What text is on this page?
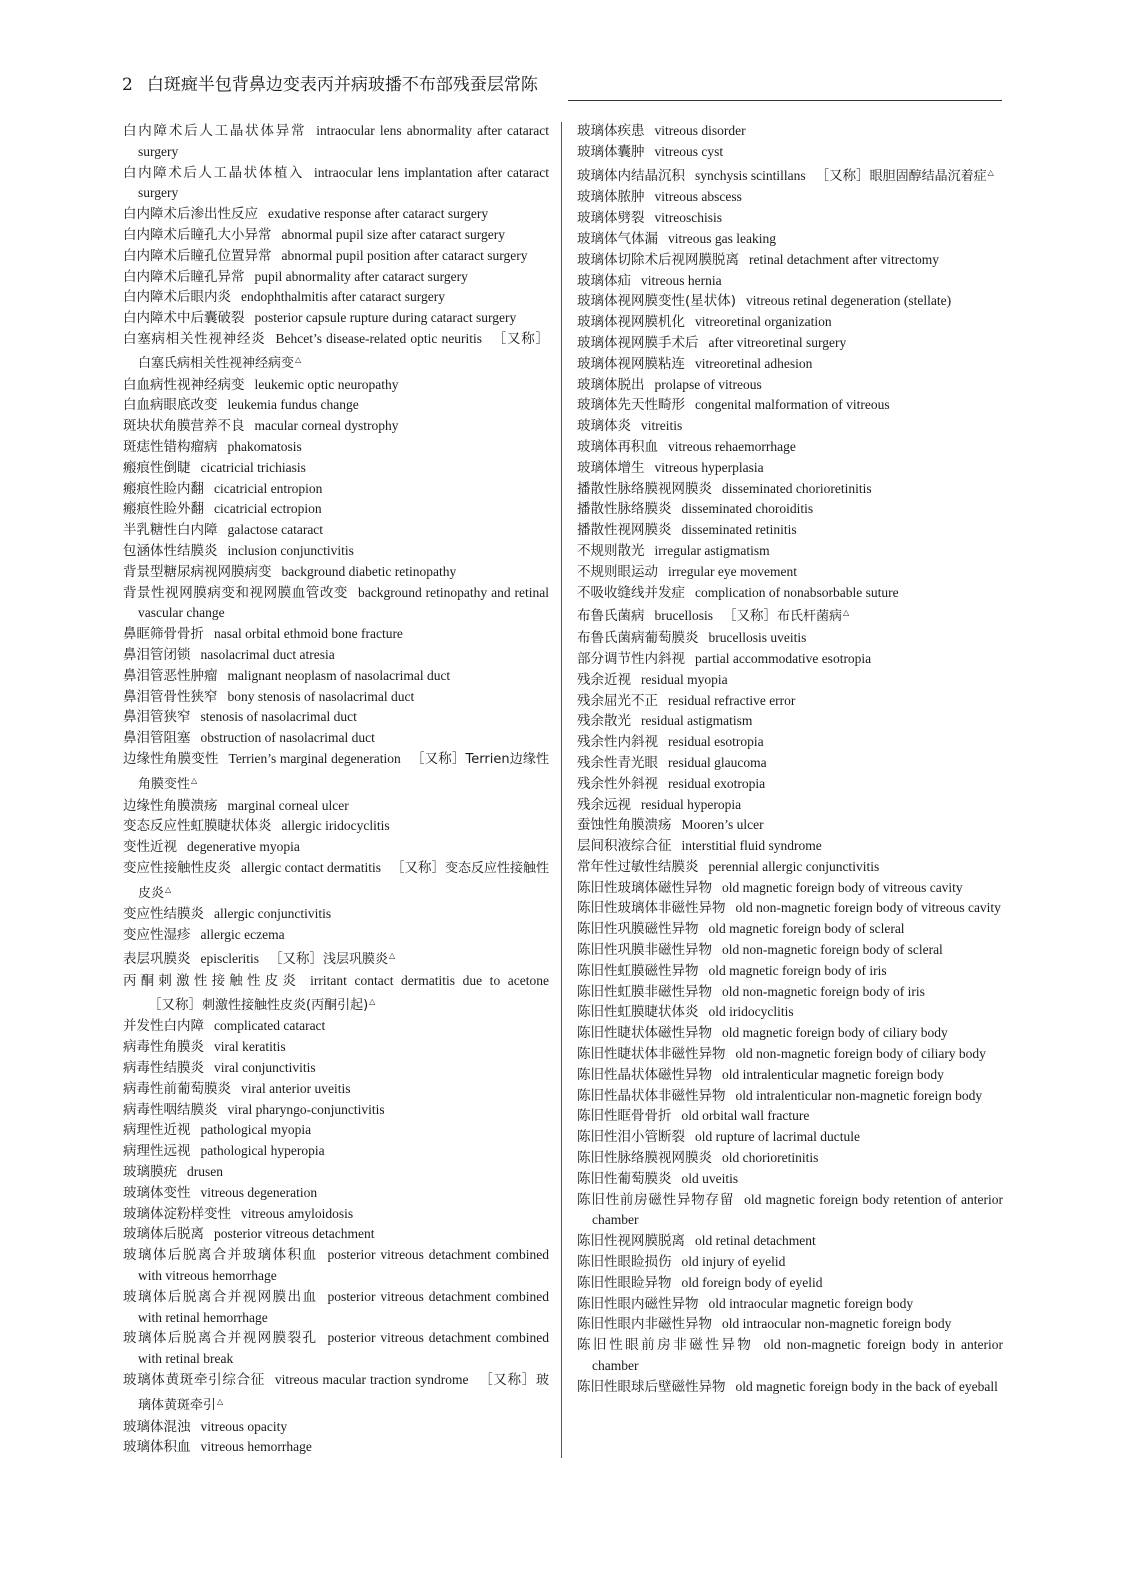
2 白斑癍半包背鼻边变表丙并病玻播不布部残蚕层常陈
白内障术后人工晶状体异常 intraocular lens abnormality after cataract surgery
白内障术后人工晶状体植入 intraocular lens implantation after cataract surgery
白内障术后渗出性反应 exudative response after cataract surgery
白内障术后瞳孔大小异常 abnormal pupil size after cataract surgery
白内障术后瞳孔位置异常 abnormal pupil position after cataract surgery
白内障术后瞳孔异常 pupil abnormality after cataract surgery
白内障术后眼内炎 endophthalmitis after cataract surgery
白内障术中后囊破裂 posterior capsule rupture during cataract surgery
白塞病相关性视神经炎 Behcet’s disease-related optic neuritis ［又称］白塞氏病相关性视神经病变△
白血病性视神经病变 leukemic optic neuropathy
白血病眼底改变 leukemia fundus change
斑块状角膜营养不良 macular corneal dystrophy
斑痣性错构瘤病 phakomatosis
瘢痕性倒睫 cicatricial trichiasis
瘢痕性睑内翻 cicatricial entropion
瘢痕性睑外翻 cicatricial ectropion
半乳糖性白内障 galactose cataract
包涵体性结膜炎 inclusion conjunctivitis
背景型糖尿病视网膜病变 background diabetic retinopathy
背景性视网膜病变和视网膜血管改变 background retinopathy and retinal vascular change
鼻眶筛骨骨折 nasal orbital ethmoid bone fracture
鼻泪管闭锁 nasolacrimal duct atresia
鼻泪管恶性肿瘤 malignant neoplasm of nasolacrimal duct
鼻泪管骨性狭窄 bony stenosis of nasolacrimal duct
鼻泪管狭窄 stenosis of nasolacrimal duct
鼻泪管阻塞 obstruction of nasolacrimal duct
边缘性角膜变性 Terrien’s marginal degeneration ［又称］Terrien边缘性角膜变性△
边缘性角膜溃疡 marginal corneal ulcer
变态反应性虹膜睫状体炎 allergic iridocyclitis
变性近视 degenerative myopia
变应性接触性皮炎 allergic contact dermatitis ［又称］变态反应性接触性皮炎△
变应性结膜炎 allergic conjunctivitis
变应性湿疹 allergic eczema
表层巩膜炎 episcleritis ［又称］浅层巩膜炎△
丙酮刺激性接触性皮炎 irritant contact dermatitis due to acetone［又称］刺激性接触性皮炎(丙酮引起)△
并发性白内障 complicated cataract
病毒性角膜炎 viral keratitis
病毒性结膜炎 viral conjunctivitis
病毒性前葡萄膜炎 viral anterior uveitis
病毒性咽结膜炎 viral pharyngo-conjunctivitis
病理性近视 pathological myopia
病理性远视 pathological hyperopia
玻璃膜疣 drusen
玻璃体变性 vitreous degeneration
玻璃体淀粉样变性 vitreous amyloidosis
玻璃体后脱离 posterior vitreous detachment
玻璃体后脱离合并玻璃体积血 posterior vitreous detachment combined with vitreous hemorrhage
玻璃体后脱离合并视网膜出血 posterior vitreous detachment combined with retinal hemorrhage
玻璃体后脱离合并视网膜裂孔 posterior vitreous detachment combined with retinal break
玻璃体黄斑牵引综合征 vitreous macular traction syndrome ［又称］玻璃体黄斑牵引△
玻璃体混浊 vitreous opacity
玻璃体积血 vitreous hemorrhage
玻璃体疾患 vitreous disorder
玻璃体囊肿 vitreous cyst
玻璃体内结晶沉积 synchysis scintillans ［又称］眼胆固醇结晶沉着症△
玻璃体脓肿 vitreous abscess
玻璃体劈裂 vitreoschisis
玻璃体气体漏 vitreous gas leaking
玻璃体切除术后视网膜脱离 retinal detachment after vitrectomy
玻璃体疝 vitreous hernia
玻璃体视网膜变性(星状体) vitreous retinal degeneration (stellate)
玻璃体视网膜机化 vitreoretinal organization
玻璃体视网膜手术后 after vitreoretinal surgery
玻璃体视网膜粘连 vitreoretinal adhesion
玻璃体脱出 prolapse of vitreous
玻璃体先天性畸形 congenital malformation of vitreous
玻璃体炎 vitreitis
玻璃体再积血 vitreous rehaemorrhage
玻璃体增生 vitreous hyperplasia
播散性脉络膜视网膜炎 disseminated chorioretinitis
播散性脉络膜炎 disseminated choroiditis
播散性视网膜炎 disseminated retinitis
不规则散光 irregular astigmatism
不规则眼运动 irregular eye movement
不吸收缝线并发症 complication of nonabsorbable suture
布鲁氏菌病 brucellosis ［又称］布氏杆菌病△
布鲁氏菌病葡萄膜炎 brucellosis uveitis
部分调节性内斜视 partial accommodative esotropia
残余近视 residual myopia
残余屈光不正 residual refractive error
残余散光 residual astigmatism
残余性内斜视 residual esotropia
残余性青光眼 residual glaucoma
残余性外斜视 residual exotropia
残余远视 residual hyperopia
蚕蚀性角膜溃疡 Mooren’s ulcer
层间积液综合征 interstitial fluid syndrome
常年性过敏性结膜炎 perennial allergic conjunctivitis
陈旧性玻璃体磁性异物 old magnetic foreign body of vitreous cavity
陈旧性玻璃体非磁性异物 old non-magnetic foreign body of vitreous cavity
陈旧性巩膜磁性异物 old magnetic foreign body of scleral
陈旧性巩膜非磁性异物 old non-magnetic foreign body of scleral
陈旧性虹膜磁性异物 old magnetic foreign body of iris
陈旧性虹膜非磁性异物 old non-magnetic foreign body of iris
陈旧性虹膜睫状体炎 old iridocyclitis
陈旧性睫状体磁性异物 old magnetic foreign body of ciliary body
陈旧性睫状体非磁性异物 old non-magnetic foreign body of ciliary body
陈旧性晶状体磁性异物 old intralenticular magnetic foreign body
陈旧性晶状体非磁性异物 old intralenticular non-magnetic foreign body
陈旧性眶骨骨折 old orbital wall fracture
陈旧性泪小管断裂 old rupture of lacrimal ductule
陈旧性脉络膜视网膜炎 old chorioretinitis
陈旧性葡萄膜炎 old uveitis
陈旧性前房磁性异物存留 old magnetic foreign body retention of anterior chamber
陈旧性视网膜脱离 old retinal detachment
陈旧性眼睑损伤 old injury of eyelid
陈旧性眼睑异物 old foreign body of eyelid
陈旧性眼内磁性异物 old intraocular magnetic foreign body
陈旧性眼内非磁性异物 old intraocular non-magnetic foreign body
陈旧性眼前房非磁性异物 old non-magnetic foreign body in anterior chamber
陈旧性眼球后壁磁性异物 old magnetic foreign body in the back of eyeball
